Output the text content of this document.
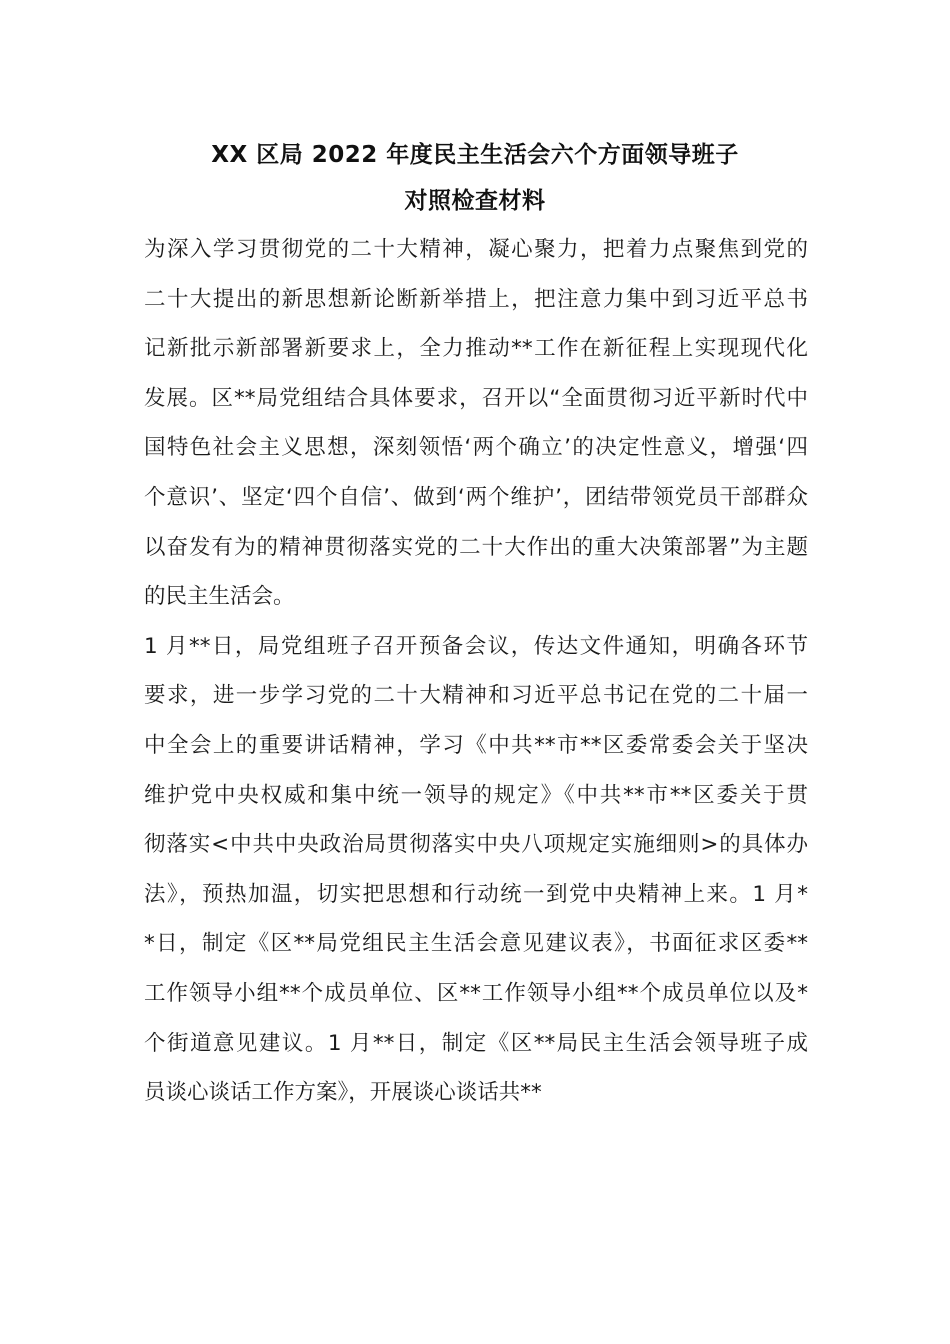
XX 区局 2022 年度民主生活会六个方面领导班子
对照检查材料
为深入学习贯彻党的二十大精神，凝心聚力，把着力点聚焦到党的
二十大提出的新思想新论断新举措上，把注意力集中到习近平总书
记新批示新部署新要求上，全力推动**工作在新征程上实现现代化
发展。区**局党组结合具体要求，召开以“全面贯彻习近平新时代中
国特色社会主义思想，深刻领悟‘两个确立’的决定性意义，增强‘四
个意识’、坚定‘四个自信’、做到‘两个维护’，团结带领党员干部群众
以奋发有为的精神贯彻落实党的二十大作出的重大决策部署”为主题
的民主生活会。
1 月**日，局党组班子召开预备会议，传达文件通知，明确各环节
要求，进一步学习党的二十大精神和习近平总书记在党的二十届一
中全会上的重要讲话精神，学习《中共**市**区委常委会关于坚决
维护党中央权威和集中统一领导的规定》《中共**市**区委关于贯
彻落实<中共中央政治局贯彻落实中央八项规定实施细则>的具体办
法》，预热加温，切实把思想和行动统一到党中央精神上来。1 月*
*日，制定《区**局党组民主生活会意见建议表》，书面征求区委**
工作领导小组**个成员单位、区**工作领导小组**个成员单位以及*
个街道意见建议。1 月**日，制定《区**局民主生活会领导班子成
员谈心谈话工作方案》，开展谈心谈话共**
